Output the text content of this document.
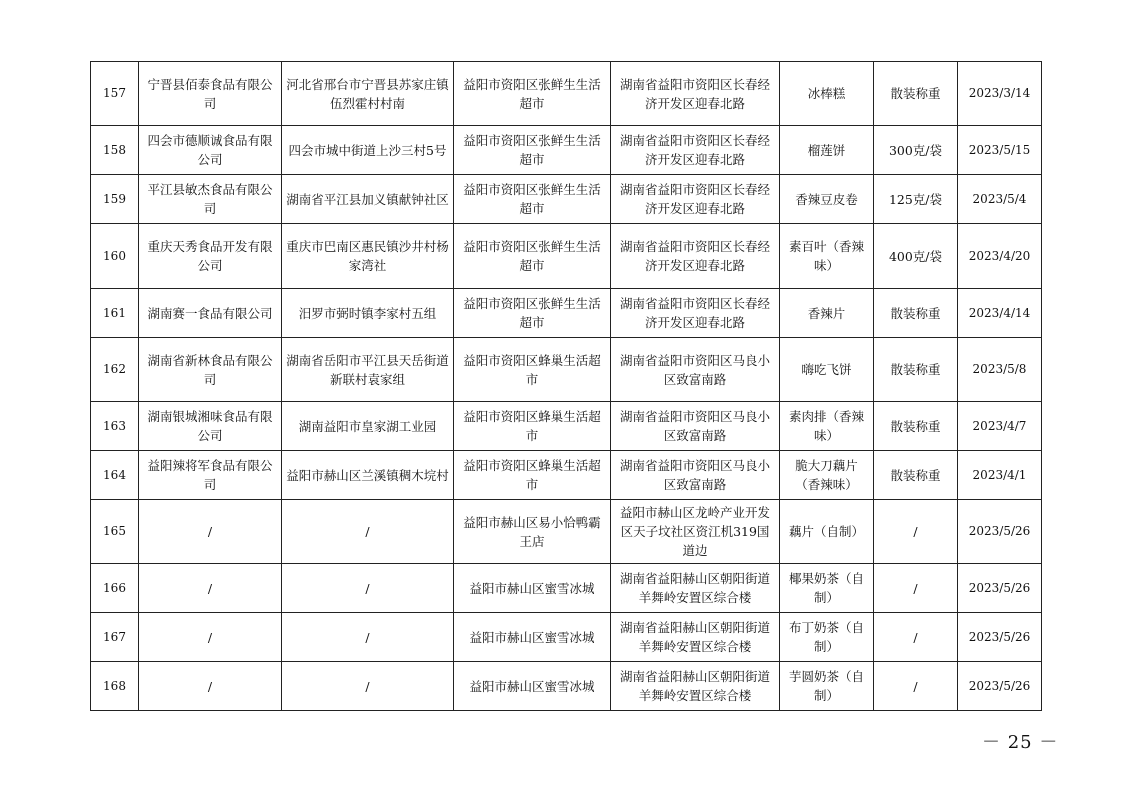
157	宁晋县佰泰食品有限公司	河北省邢台市宁晋县苏家庄镇伍烈霍村村南	益阳市资阳区张鲜生生活超市	湖南省益阳市资阳区长春经济开发区迎春北路	冰棒糕	散装称重	2023/3/14
158	四会市德顺诚食品有限公司	四会市城中街道上沙三村5号	益阳市资阳区张鲜生生活超市	湖南省益阳市资阳区长春经济开发区迎春北路	榴莲饼	300克/袋	2023/5/15
159	平江县敏杰食品有限公司	湖南省平江县加义镇献钟社区	益阳市资阳区张鲜生生活超市	湖南省益阳市资阳区长春经济开发区迎春北路	香辣豆皮卷	125克/袋	2023/5/4
160	重庆天秀食品开发有限公司	重庆市巴南区惠民镇沙井村杨家湾社	益阳市资阳区张鲜生生活超市	湖南省益阳市资阳区长春经济开发区迎春北路	素百叶（香辣味）	400克/袋	2023/4/20
161	湖南赛一食品有限公司	汨罗市弼时镇李家村五组	益阳市资阳区张鲜生生活超市	湖南省益阳市资阳区长春经济开发区迎春北路	香辣片	散装称重	2023/4/14
162	湖南省新林食品有限公司	湖南省岳阳市平江县天岳街道新联村袁家组	益阳市资阳区蜂巢生活超市	湖南省益阳市资阳区马良小区致富南路	嗨吃飞饼	散装称重	2023/5/8
163	湖南银城湘味食品有限公司	湖南益阳市皇家湖工业园	益阳市资阳区蜂巢生活超市	湖南省益阳市资阳区马良小区致富南路	素肉排（香辣味）	散装称重	2023/4/7
164	益阳辣将军食品有限公司	益阳市赫山区兰溪镇稠木垸村	益阳市资阳区蜂巢生活超市	湖南省益阳市资阳区马良小区致富南路	脆大刀藕片（香辣味）	散装称重	2023/4/1
165	/	/	益阳市赫山区易小恰鸭霸王店	益阳市赫山区龙岭产业开发区天子坟社区资江机319国道边	藕片（自制）	/	2023/5/26
166	/	/	益阳市赫山区蜜雪冰城	湖南省益阳赫山区朝阳街道羊舞岭安置区综合楼	椰果奶茶（自制）	/	2023/5/26
167	/	/	益阳市赫山区蜜雪冰城	湖南省益阳赫山区朝阳街道羊舞岭安置区综合楼	布丁奶茶（自制）	/	2023/5/26
168	/	/	益阳市赫山区蜜雪冰城	湖南省益阳赫山区朝阳街道羊舞岭安置区综合楼	芋圆奶茶（自制）	/	2023/5/26
－ 25 －
